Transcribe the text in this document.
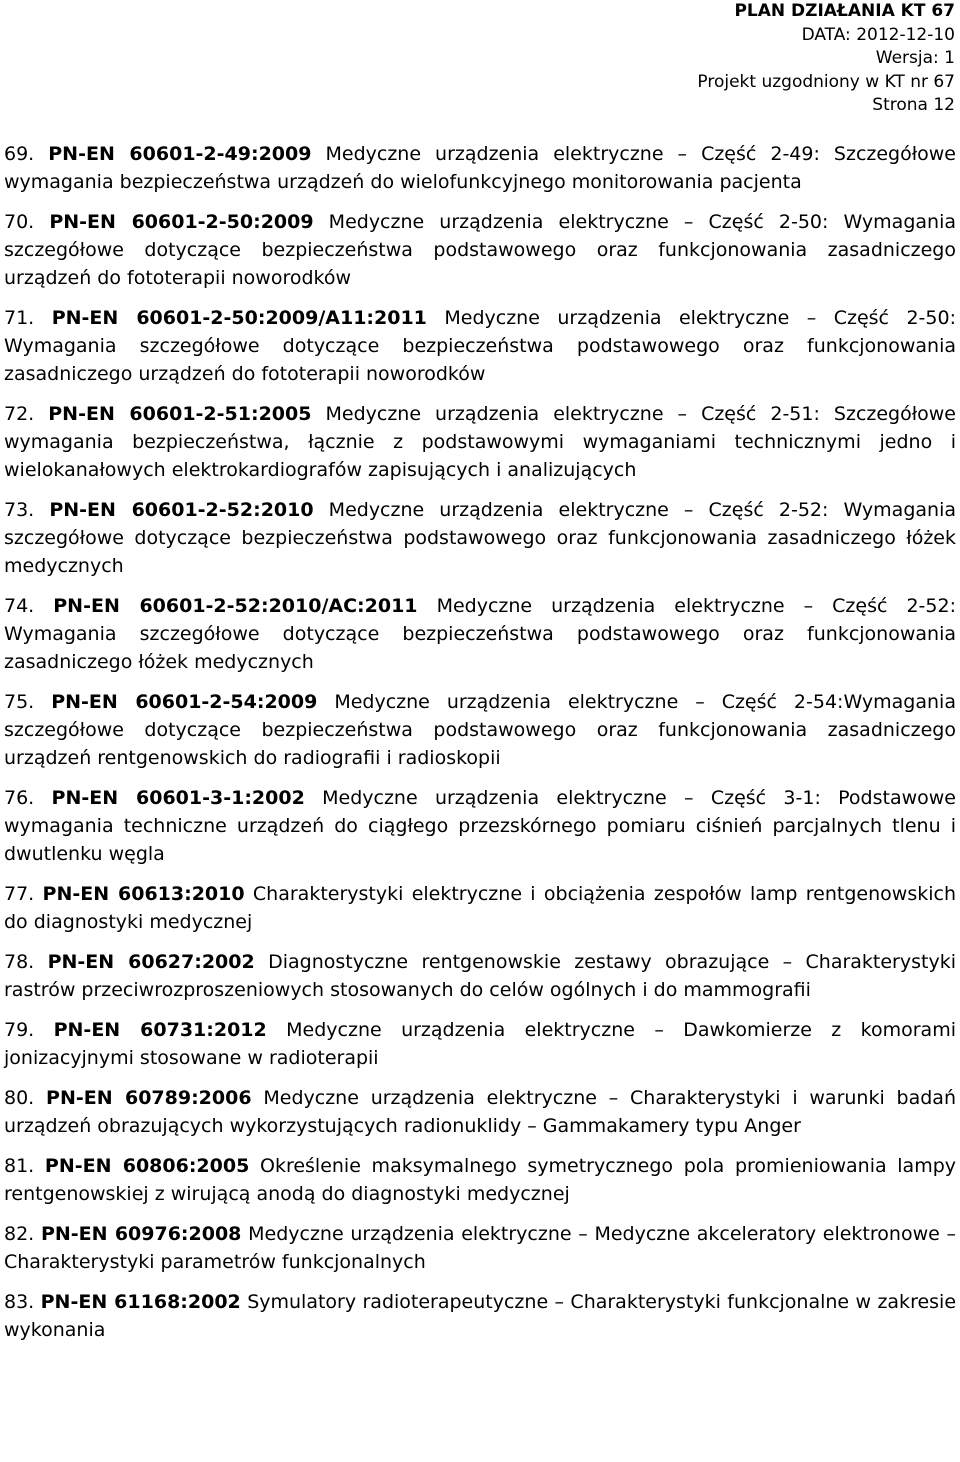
PLAN DZIAŁANIA KT 67
DATA: 2012-12-10
Wersja: 1
Projekt uzgodniony w KT nr 67
Strona 12

69. PN-EN 60601-2-49:2009 Medyczne urządzenia elektryczne – Część 2-49: Szczegółowe wymagania bezpieczeństwa urządzeń do wielofunkcyjnego monitorowania pacjenta

70. PN-EN 60601-2-50:2009 Medyczne urządzenia elektryczne – Część 2-50: Wymagania szczegółowe dotyczące bezpieczeństwa podstawowego oraz funkcjonowania zasadniczego urządzeń do fototerapii noworodków

71. PN-EN 60601-2-50:2009/A11:2011 Medyczne urządzenia elektryczne – Część 2-50: Wymagania szczegółowe dotyczące bezpieczeństwa podstawowego oraz funkcjonowania zasadniczego urządzeń do fototerapii noworodków

72. PN-EN 60601-2-51:2005 Medyczne urządzenia elektryczne – Część 2-51: Szczegółowe wymagania bezpieczeństwa, łącznie z podstawowymi wymaganiami technicznymi jedno i wielokanałowych elektrokardiografów zapisujących i analizujących

73. PN-EN 60601-2-52:2010 Medyczne urządzenia elektryczne – Część 2-52: Wymagania szczegółowe dotyczące bezpieczeństwa podstawowego oraz funkcjonowania zasadniczego łóżek medycznych

74. PN-EN 60601-2-52:2010/AC:2011 Medyczne urządzenia elektryczne – Część 2-52: Wymagania szczegółowe dotyczące bezpieczeństwa podstawowego oraz funkcjonowania zasadniczego łóżek medycznych

75. PN-EN 60601-2-54:2009 Medyczne urządzenia elektryczne – Część 2-54:Wymagania szczegółowe dotyczące bezpieczeństwa podstawowego oraz funkcjonowania zasadniczego urządzeń rentgenowskich do radiografii i radioskopii

76. PN-EN 60601-3-1:2002 Medyczne urządzenia elektryczne – Część 3-1: Podstawowe wymagania techniczne urządzeń do ciągłego przezskórnego pomiaru ciśnień parcjalnych tlenu i dwutlenku węgla

77. PN-EN 60613:2010 Charakterystyki elektryczne i obciążenia zespołów lamp rentgenowskich do diagnostyki medycznej

78. PN-EN 60627:2002 Diagnostyczne rentgenowskie zestawy obrazujące – Charakterystyki rastrów przeciwrozproszeniowych stosowanych do celów ogólnych i do mammografii

79. PN-EN 60731:2012 Medyczne urządzenia elektryczne – Dawkomierze z komorami jonizacyjnymi stosowane w radioterapii

80. PN-EN 60789:2006 Medyczne urządzenia elektryczne – Charakterystyki i warunki badań urządzeń obrazujących wykorzystujących radionuklidy – Gammakamery typu Anger

81. PN-EN 60806:2005 Określenie maksymalnego symetrycznego pola promieniowania lampy rentgenowskiej z wirującą anodą do diagnostyki medycznej

82. PN-EN 60976:2008 Medyczne urządzenia elektryczne – Medyczne akceleratory elektronowe – Charakterystyki parametrów funkcjonalnych

83. PN-EN 61168:2002 Symulatory radioterapeutyczne – Charakterystyki funkcjonalne w zakresie wykonania
